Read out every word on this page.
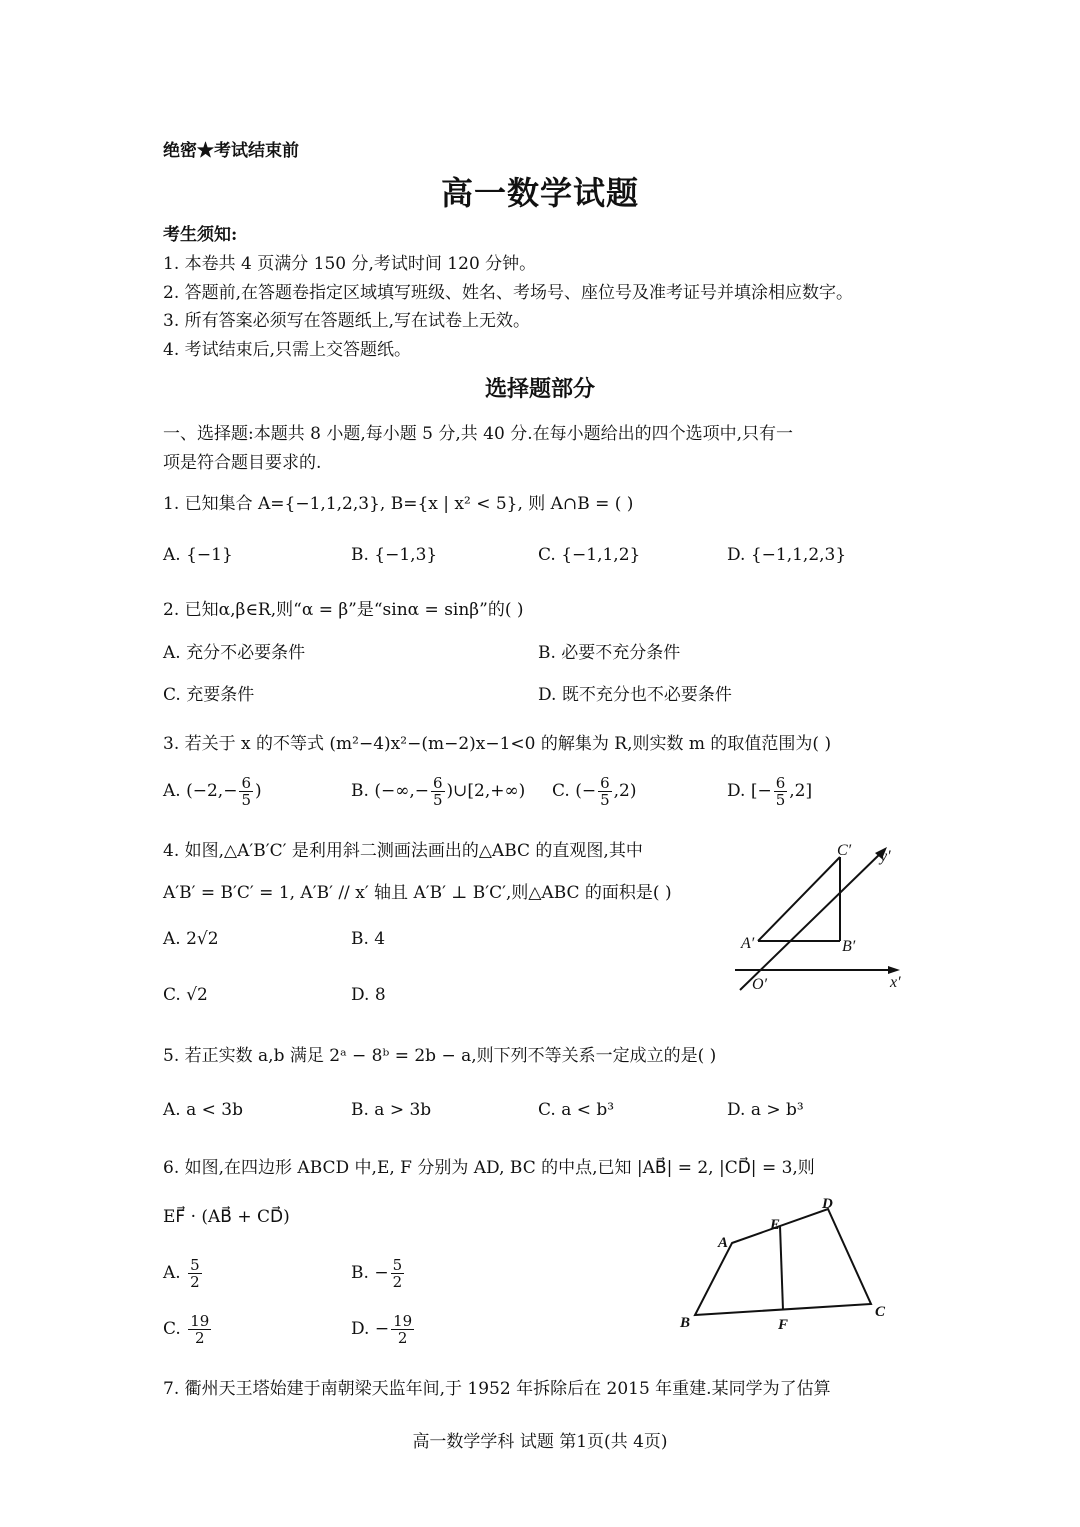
绝密★考试结束前
高一数学试题
考生须知:
1. 本卷共 4 页满分 150 分,考试时间 120 分钟。
2. 答题前,在答题卷指定区域填写班级、姓名、考场号、座位号及准考证号并填涂相应数字。
3. 所有答案必须写在答题纸上,写在试卷上无效。
4. 考试结束后,只需上交答题纸。
选择题部分
一、选择题:本题共 8 小题,每小题 5 分,共 40 分.在每小题给出的四个选项中,只有一
项是符合题目要求的.
1. 已知集合 A={−1,1,2,3}, B={x | x² < 5}, 则 A∩B = ( )
A. {−1}	B. {−1,3}	C. {−1,1,2}	D. {−1,1,2,3}
2. 已知α,β∈R,则“α = β”是“sinα = sinβ”的( )
A. 充分不必要条件	B. 必要不充分条件
C. 充要条件	D. 既不充分也不必要条件
3. 若关于 x 的不等式 (m²−4)x²−(m−2)x−1<0 的解集为 R,则实数 m 的取值范围为( )
A. ($-2,- \frac{6}{5}$ )	B. (−∞,− $\frac{6}{5}$ )∪[2,+∞) C. (− $\frac{6}{5} ,2$)	D. [− $\frac{6}{5} ,2$]
4. 如图,△A′B′C′ 是利用斜二测画法画出的△ABC 的直观图,其中
A′B′ = B′C′ = 1, A′B′ // x′ 轴且 A′B′ ⊥ B′C′,则△ABC 的面积是( )
A. 2√2	B. 4
C. √2	D. 8
C′
A′	B′
O′	x′
y′
5. 若正实数 a,b 满足 2ᵃ − 8ᵇ = 2b − a,则下列不等关系一定成立的是( )
A. a < 3b	B. a > 3b	C. a < b³	D. a > b³
6. 如图,在四边形 ABCD 中,E, F 分别为 AD, BC 的中点,已知 |AB⃗| = 2, |CD⃗| = 3,则
EF⃗ · (AB⃗ + CD⃗)
A. $\frac{5}{2}$	B. − $\frac{5}{2}$
C. $\frac{19}{2}$	D. − $\frac{19}{2}$
A
E
D
B	F
C
7. 衢州天王塔始建于南朝梁天监年间,于 1952 年拆除后在 2015 年重建.某同学为了估算
高一数学学科 试题 第1页(共 4页)
